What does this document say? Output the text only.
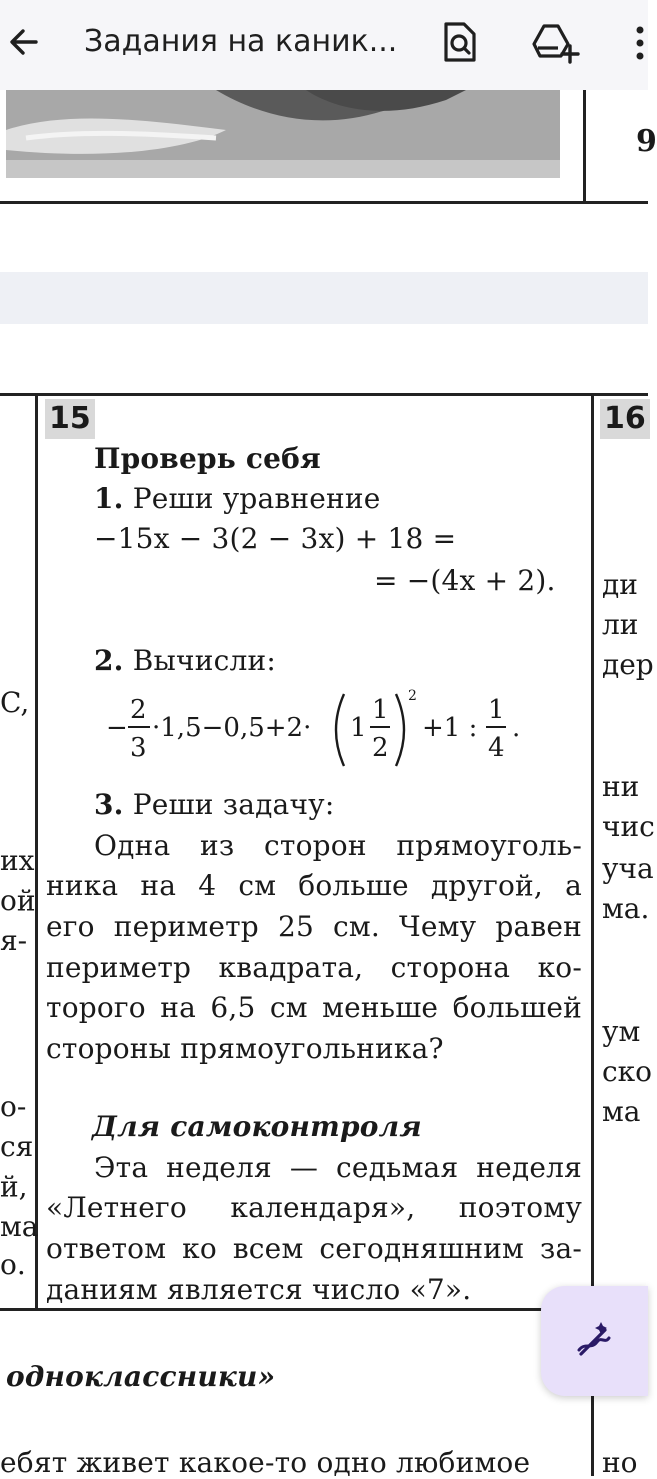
Задания на каник...
9
15
Проверь себя
1. Реши уравнение
−15x − 3(2 − 3x) + 18 =
= −(4x + 2).
2. Вычисли:
−
2
3
·1,5−0,5+2· 1
1
2
2
+1 :
1
4
.
3. Реши задачу:
Одна из сторон прямоуголь-
ника на 4 см больше другой, а
его периметр 25 см. Чему равен
периметр квадрата, сторона ко-
торого на 6,5 см меньше большей
стороны прямоугольника?
Для самоконтроля
Эта неделя — седьмая неделя
«Летнего календаря», поэтому
ответом ко всем сегодняшним за-
даниям является число «7».
16
ди
ли
дер
ни
чис
уча
ма.
ум
ско
ма
C,
их
ой
я-
о-
ся
й,
ма
о.
одноклассники»
ебят живет какое-то одно любимое	но
